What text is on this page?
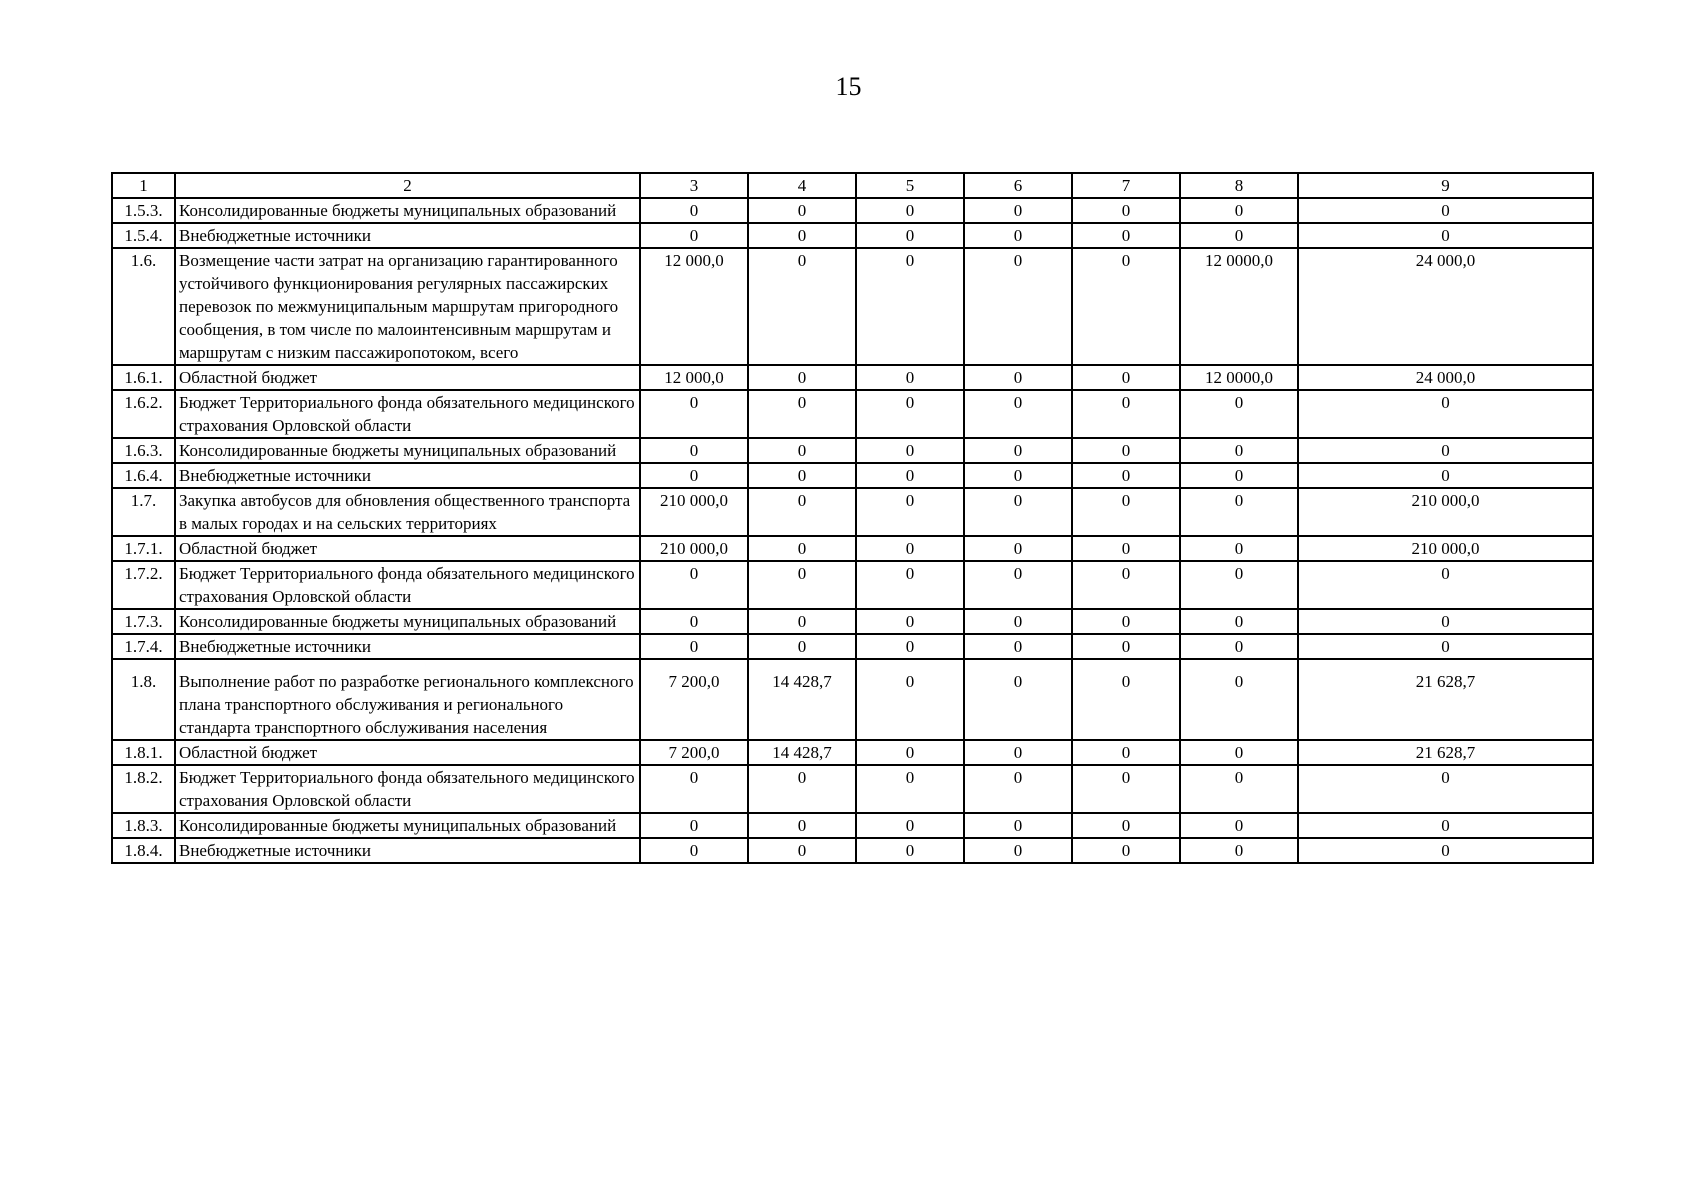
15
1	2	3	4	5	6	7	8	9
1.5.3.	Консолидированные бюджеты муниципальных образований	0	0	0	0	0	0	0
1.5.4.	Внебюджетные источники	0	0	0	0	0	0	0
1.6.	Возмещение части затрат на организацию гарантированного устойчивого функционирования регулярных пассажирских перевозок по межмуниципальным маршрутам пригородного сообщения, в том числе по малоинтенсивным маршрутам и маршрутам с низким пассажиропотоком, всего	12 000,0	0	0	0	0	12 0000,0	24 000,0
1.6.1.	Областной бюджет	12 000,0	0	0	0	0	12 0000,0	24 000,0
1.6.2.	Бюджет Территориального фонда обязательного медицинского страхования Орловской области	0	0	0	0	0	0	0
1.6.3.	Консолидированные бюджеты муниципальных образований	0	0	0	0	0	0	0
1.6.4.	Внебюджетные источники	0	0	0	0	0	0	0
1.7.	Закупка автобусов для обновления общественного транспорта в малых городах и на сельских территориях	210 000,0	0	0	0	0	0	210 000,0
1.7.1.	Областной бюджет	210 000,0	0	0	0	0	0	210 000,0
1.7.2.	Бюджет Территориального фонда обязательного медицинского страхования Орловской области	0	0	0	0	0	0	0
1.7.3.	Консолидированные бюджеты муниципальных образований	0	0	0	0	0	0	0
1.7.4.	Внебюджетные источники	0	0	0	0	0	0	0
1.8.	Выполнение работ по разработке регионального комплексного плана транспортного обслуживания и регионального стандарта транспортного обслуживания населения	7 200,0	14 428,7	0	0	0	0	21 628,7
1.8.1.	Областной бюджет	7 200,0	14 428,7	0	0	0	0	21 628,7
1.8.2.	Бюджет Территориального фонда обязательного медицинского страхования Орловской области	0	0	0	0	0	0	0
1.8.3.	Консолидированные бюджеты муниципальных образований	0	0	0	0	0	0	0
1.8.4.	Внебюджетные источники	0	0	0	0	0	0	0
